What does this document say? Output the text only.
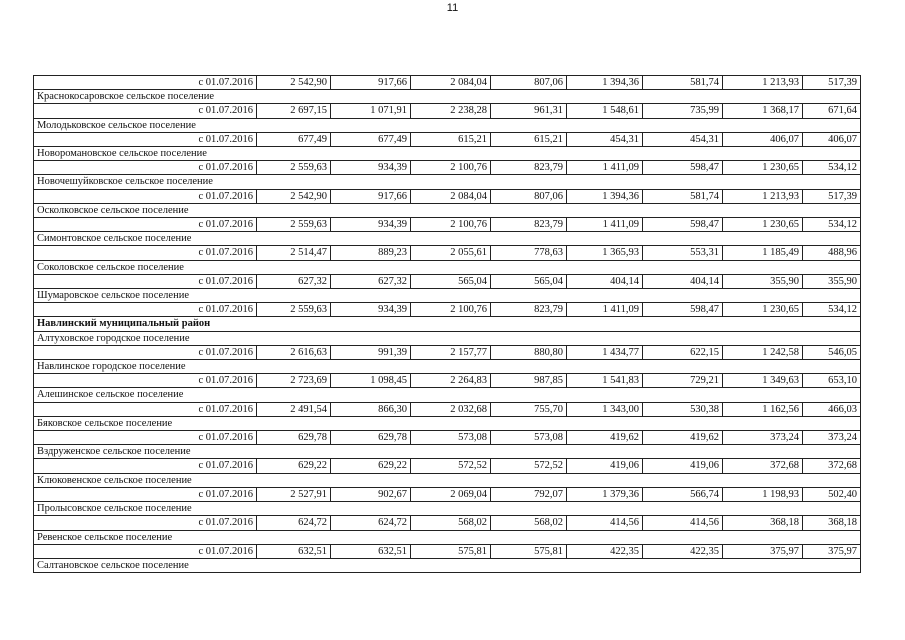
11
с 01.07.2016	2 542,90	917,66	2 084,04	807,06	1 394,36	581,74	1 213,93	517,39
Краснокосаровское сельское поселение								
с 01.07.2016	2 697,15	1 071,91	2 238,28	961,31	1 548,61	735,99	1 368,17	671,64
Молодьковское сельское поселение								
с 01.07.2016	677,49	677,49	615,21	615,21	454,31	454,31	406,07	406,07
Новоромановское сельское поселение								
с 01.07.2016	2 559,63	934,39	2 100,76	823,79	1 411,09	598,47	1 230,65	534,12
Новочешуйковское сельское поселение								
с 01.07.2016	2 542,90	917,66	2 084,04	807,06	1 394,36	581,74	1 213,93	517,39
Осколковское сельское поселение								
с 01.07.2016	2 559,63	934,39	2 100,76	823,79	1 411,09	598,47	1 230,65	534,12
Симонтовское сельское поселение								
с 01.07.2016	2 514,47	889,23	2 055,61	778,63	1 365,93	553,31	1 185,49	488,96
Соколовское сельское поселение								
с 01.07.2016	627,32	627,32	565,04	565,04	404,14	404,14	355,90	355,90
Шумаровское сельское поселение								
с 01.07.2016	2 559,63	934,39	2 100,76	823,79	1 411,09	598,47	1 230,65	534,12
Навлинский муниципальный район								
Алтуховское городское поселение								
с 01.07.2016	2 616,63	991,39	2 157,77	880,80	1 434,77	622,15	1 242,58	546,05
Навлинское городское поселение								
с 01.07.2016	2 723,69	1 098,45	2 264,83	987,85	1 541,83	729,21	1 349,63	653,10
Алешинское сельское поселение								
с 01.07.2016	2 491,54	866,30	2 032,68	755,70	1 343,00	530,38	1 162,56	466,03
Бяковское сельское поселение								
с 01.07.2016	629,78	629,78	573,08	573,08	419,62	419,62	373,24	373,24
Вздруженское сельское поселение								
с 01.07.2016	629,22	629,22	572,52	572,52	419,06	419,06	372,68	372,68
Клюковенское сельское поселение								
с 01.07.2016	2 527,91	902,67	2 069,04	792,07	1 379,36	566,74	1 198,93	502,40
Пролысовское сельское поселение								
с 01.07.2016	624,72	624,72	568,02	568,02	414,56	414,56	368,18	368,18
Ревенское сельское поселение								
с 01.07.2016	632,51	632,51	575,81	575,81	422,35	422,35	375,97	375,97
Салтановское сельское поселение								
